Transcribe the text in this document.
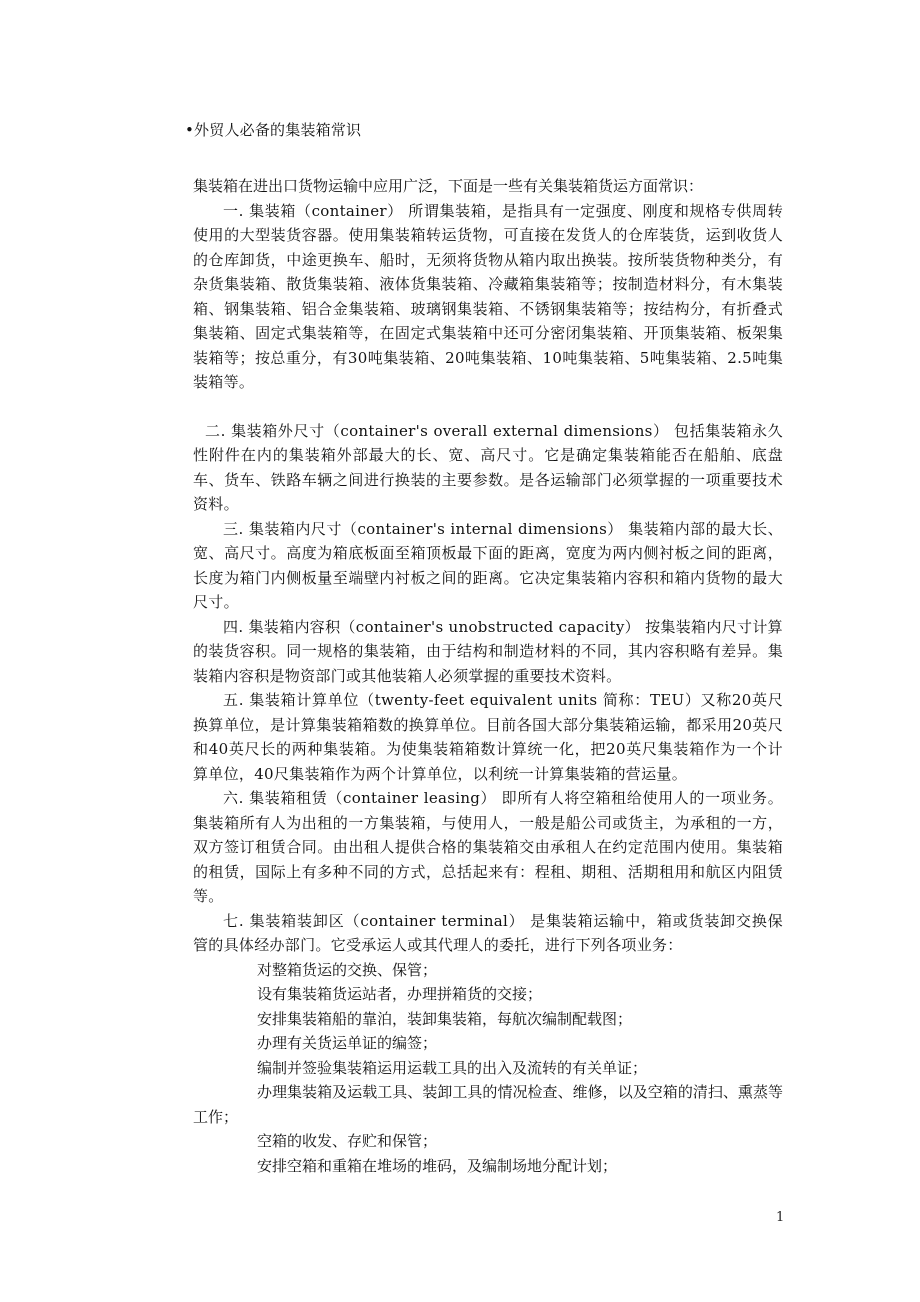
•外贸人必备的集装箱常识

集装箱在进出口货物运输中应用广泛，下面是一些有关集装箱货运方面常识：

一. 集装箱（container） 所谓集装箱，是指具有一定强度、刚度和规格专供周转使用的大型装货容器。使用集装箱转运货物，可直接在发货人的仓库装货，运到收货人的仓库卸货，中途更换车、船时，无须将货物从箱内取出换装。按所装货物种类分，有杂货集装箱、散货集装箱、液体货集装箱、冷藏箱集装箱等；按制造材料分，有木集装箱、钢集装箱、铝合金集装箱、玻璃钢集装箱、不锈钢集装箱等；按结构分，有折叠式集装箱、固定式集装箱等，在固定式集装箱中还可分密闭集装箱、开顶集装箱、板架集装箱等；按总重分，有30吨集装箱、20吨集装箱、10吨集装箱、5吨集装箱、2.5吨集装箱等。

二. 集装箱外尺寸（container's overall external dimensions） 包括集装箱永久性附件在内的集装箱外部最大的长、宽、高尺寸。它是确定集装箱能否在船舶、底盘车、货车、铁路车辆之间进行换装的主要参数。是各运输部门必须掌握的一项重要技术资料。

三. 集装箱内尺寸（container's internal dimensions） 集装箱内部的最大长、宽、高尺寸。高度为箱底板面至箱顶板最下面的距离，宽度为两内侧衬板之间的距离，长度为箱门内侧板量至端壁内衬板之间的距离。它决定集装箱内容积和箱内货物的最大尺寸。

四. 集装箱内容积（container's unobstructed capacity） 按集装箱内尺寸计算的装货容积。同一规格的集装箱，由于结构和制造材料的不同，其内容积略有差异。集装箱内容积是物资部门或其他装箱人必须掌握的重要技术资料。

五. 集装箱计算单位（twenty-feet equivalent units 简称：TEU）又称20英尺换算单位，是计算集装箱箱数的换算单位。目前各国大部分集装箱运输，都采用20英尺和40英尺长的两种集装箱。为使集装箱箱数计算统一化，把20英尺集装箱作为一个计算单位，40尺集装箱作为两个计算单位，以利统一计算集装箱的营运量。

六. 集装箱租赁（container leasing） 即所有人将空箱租给使用人的一项业务。集装箱所有人为出租的一方集装箱，与使用人，一般是船公司或货主，为承租的一方，双方签订租赁合同。由出租人提供合格的集装箱交由承租人在约定范围内使用。集装箱的租赁，国际上有多种不同的方式，总括起来有：程租、期租、活期租用和航区内阻赁等。

七. 集装箱装卸区（container terminal） 是集装箱运输中，箱或货装卸交换保管的具体经办部门。它受承运人或其代理人的委托，进行下列各项业务：

对整箱货运的交换、保管；

设有集装箱货运站者，办理拼箱货的交接；

安排集装箱船的靠泊，装卸集装箱，每航次编制配载图；

办理有关货运单证的编签；

编制并签验集装箱运用运载工具的出入及流转的有关单证；

办理集装箱及运载工具、装卸工具的情况检查、维修，以及空箱的清扫、熏蒸等工作；

空箱的收发、存贮和保管；

安排空箱和重箱在堆场的堆码，及编制场地分配计划；

1
